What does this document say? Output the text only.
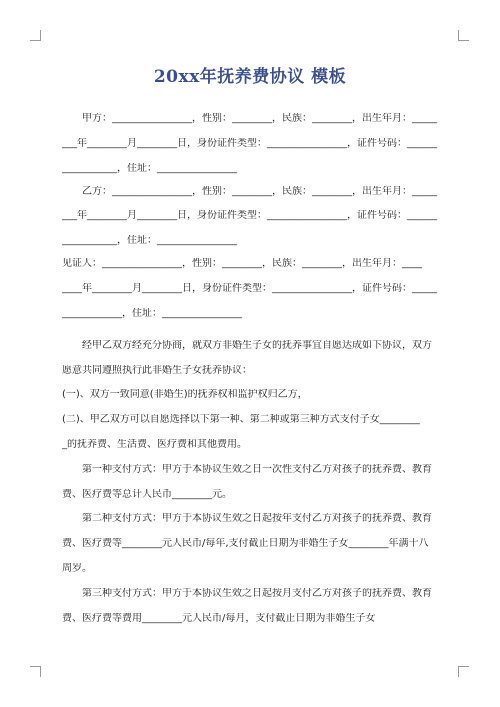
20xx年抚养费协议 模板
甲方：________________，性别：________，民族：________，出生年月：_____
___年________月________日，身份证件类型：________________，证件号码：______
___________，住址：________________
乙方：________________，性别：________，民族：________，出生年月：_____
___年________月________日，身份证件类型：________________，证件号码：______
___________，住址：________________
见证人：________________，性别：________，民族：________，出生年月：____
____年________月________日，身份证件类型：________________，证件号码：_____
____________，住址：________________
经甲乙双方经充分协商，就双方非婚生子女的抚养事宜自愿达成如下协议，双方
愿意共同遵照执行此非婚生子女抚养协议：
(一)、双方一致同意(非婚生)的抚养权和监护权归乙方，
(二)、甲乙双方可以自愿选择以下第一种、第二种或第三种方式支付子女________
_的抚养费、生活费、医疗费和其他费用。
第一种支付方式：甲方于本协议生效之日一次性支付乙方对孩子的抚养费、教育
费、医疗费等总计人民币________元。
第二种支付方式：甲方于本协议生效之日起按年支付乙方对孩子的抚养费、教育
费、医疗费等________元人民币/每年,支付截止日期为非婚生子女________年满十八
周岁。
第三种支付方式：甲方于本协议生效之日起按月支付乙方对孩子的抚养费、教育
费、医疗费等费用________元人民币/每月，支付截止日期为非婚生子女
